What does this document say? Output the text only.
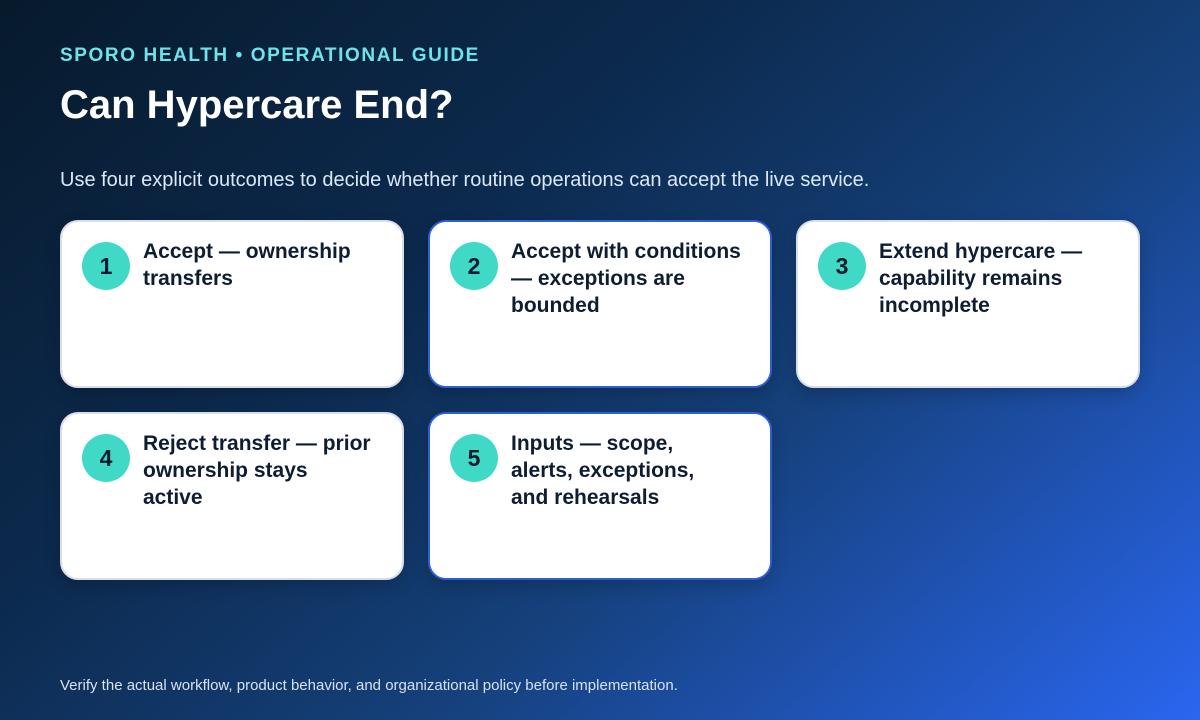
SPORO HEALTH • OPERATIONAL GUIDE
Can Hypercare End?
Use four explicit outcomes to decide whether routine operations can accept the live service.
1
Accept — ownership transfers	2
Accept with conditions — exceptions are bounded
3
Extend hypercare — capability remains incomplete
4
Reject transfer — prior ownership stays active
5
Inputs — scope, alerts, exceptions, and rehearsals
Verify the actual workflow, product behavior, and organizational policy before implementation.
